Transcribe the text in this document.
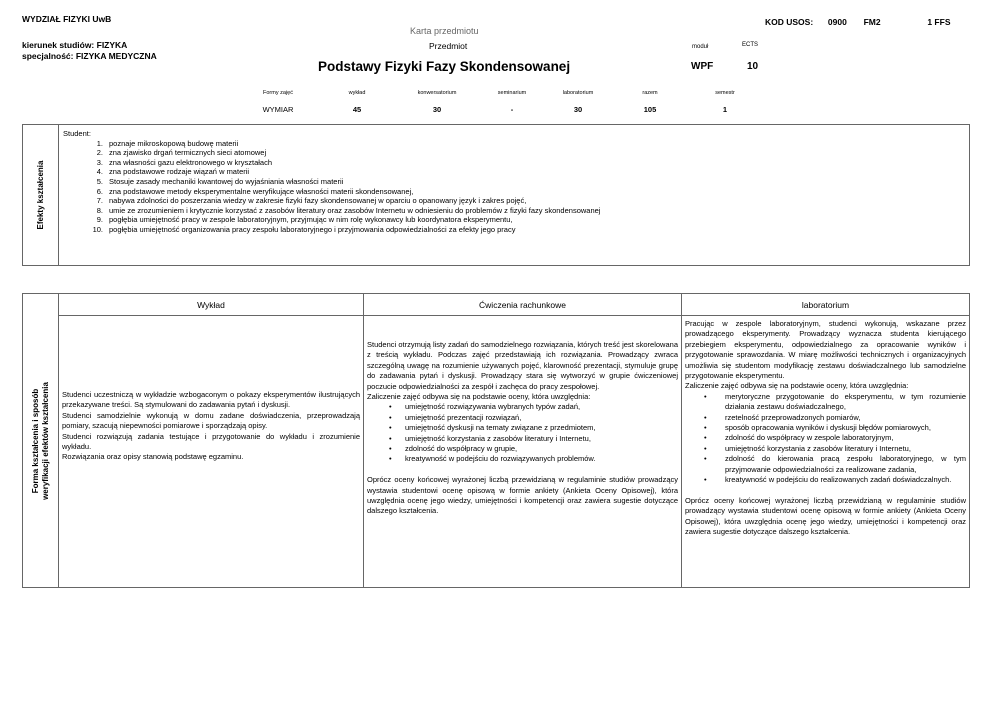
WYDZIAŁ FIZYKI UwB
kierunek studiów: FIZYKA
specjalność: FIZYKA MEDYCZNA
Karta przedmiotu
Przedmiot
Podstawy Fizyki Fazy Skondensowanej
KOD USOS: 0900 FM2	1 FFS
moduł	ECTS
WPF	10
Formy zajęć	wykład	konwersatorium	seminarium	laboratorium	razem	semestr
WYMIAR	45	30	-	30	105	1
Efekty kształcenia
Student:
1. poznaje mikroskopową budowę materii
2. zna zjawisko drgań termicznych sieci atomowej
3. zna własności gazu elektronowego w kryształach
4. zna podstawowe rodzaje wiązań w materii
5. Stosuje zasady mechaniki kwantowej do wyjaśniania własności materii
6. zna podstawowe metody eksperymentalne weryfikujące własności materii skondensowanej,
7. nabywa zdolności do poszerzania wiedzy w zakresie fizyki fazy skondensowanej w oparciu o opanowany język i zakres pojęć,
8. umie ze zrozumieniem i krytycznie korzystać z zasobów literatury oraz zasobów Internetu w odniesieniu do problemów z fizyki fazy skondensowanej
9. pogłębia umiejętność pracy w zespole laboratoryjnym, przyjmując w nim rolę wykonawcy lub koordynatora eksperymentu,
10. pogłębia umiejętność organizowania pracy zespołu laboratoryjnego i przyjmowania odpowiedzialności za efekty jego pracy
Forma kształcenia i sposób weryfikacji efektów kształcenia
Wykład
Studenci uczestniczą w wykładzie wzbogaconym o pokazy eksperymentów ilustrujących przekazywane treści. Są stymulowani do zadawania pytań i dyskusji.
Studenci samodzielnie wykonują w domu zadane doświadczenia, przeprowadzają pomiary, szacują niepewności pomiarowe i sporządzają opisy.
Studenci rozwiązują zadania testujące i przygotowanie do wykładu i zrozumienie wykładu.
Rozwiązania oraz opisy stanowią podstawę egzaminu.
Ćwiczenia rachunkowe
Studenci otrzymują listy zadań do samodzielnego rozwiązania, których treść jest skorelowana z treścią wykładu. Podczas zajęć przedstawiają ich rozwiązania. Prowadzący zwraca szczególną uwagę na rozumienie używanych pojęć, klarowność prezentacji, stymuluje grupę do zadawania pytań i dyskusji. Prowadzący stara się wytworzyć w grupie ćwiczeniowej poczucie odpowiedzialności za zespół i zachęca do pracy zespołowej.
Zaliczenie zajęć odbywa się na podstawie oceny, która uwzględnia:
• umiejętność rozwiązywania wybranych typów zadań,
• umiejętność prezentacji rozwiązań,
• umiejętność dyskusji na tematy związane z przedmiotem,
• umiejętność korzystania z zasobów literatury i Internetu,
• zdolność do współpracy w grupie,
• kreatywność w podejściu do rozwiązywanych problemów.
Oprócz oceny końcowej wyrażonej liczbą przewidzianą w regulaminie studiów prowadzący wystawia studentowi ocenę opisową w formie ankiety (Ankieta Oceny Opisowej), która uwzględnia ocenę jego wiedzy, umiejętności i kompetencji oraz zawiera sugestie dotyczące dalszego kształcenia.
laboratorium
Pracując w zespole laboratoryjnym, studenci wykonują, wskazane przez prowadzącego eksperymenty. Prowadzący wyznacza studenta kierującego przebiegiem eksperymentu, odpowiedzialnego za opracowanie wyników i przygotowanie sprawozdania. W miarę możliwości technicznych i organizacyjnych umożliwia się studentom modyfikację zestawu doświadczalnego lub samodzielne przygotowanie eksperymentu.
Zaliczenie zajęć odbywa się na podstawie oceny, która uwzględnia:
• merytoryczne przygotowanie do eksperymentu, w tym rozumienie działania zestawu doświadczalnego,
• rzetelność przeprowadzonych pomiarów,
• sposób opracowania wyników i dyskusji błędów pomiarowych,
• zdolność do współpracy w zespole laboratoryjnym,
• umiejętność korzystania z zasobów literatury i Internetu,
• zdolność do kierowania pracą zespołu laboratoryjnego, w tym przyjmowanie odpowiedzialności za realizowane zadania,
• kreatywność w podejściu do realizowanych zadań doświadczalnych.
Oprócz oceny końcowej wyrażonej liczbą przewidzianą w regulaminie studiów prowadzący wystawia studentowi ocenę opisową w formie ankiety (Ankieta Oceny Opisowej), która uwzględnia ocenę jego wiedzy, umiejętności i kompetencji oraz zawiera sugestie dotyczące dalszego kształcenia.
